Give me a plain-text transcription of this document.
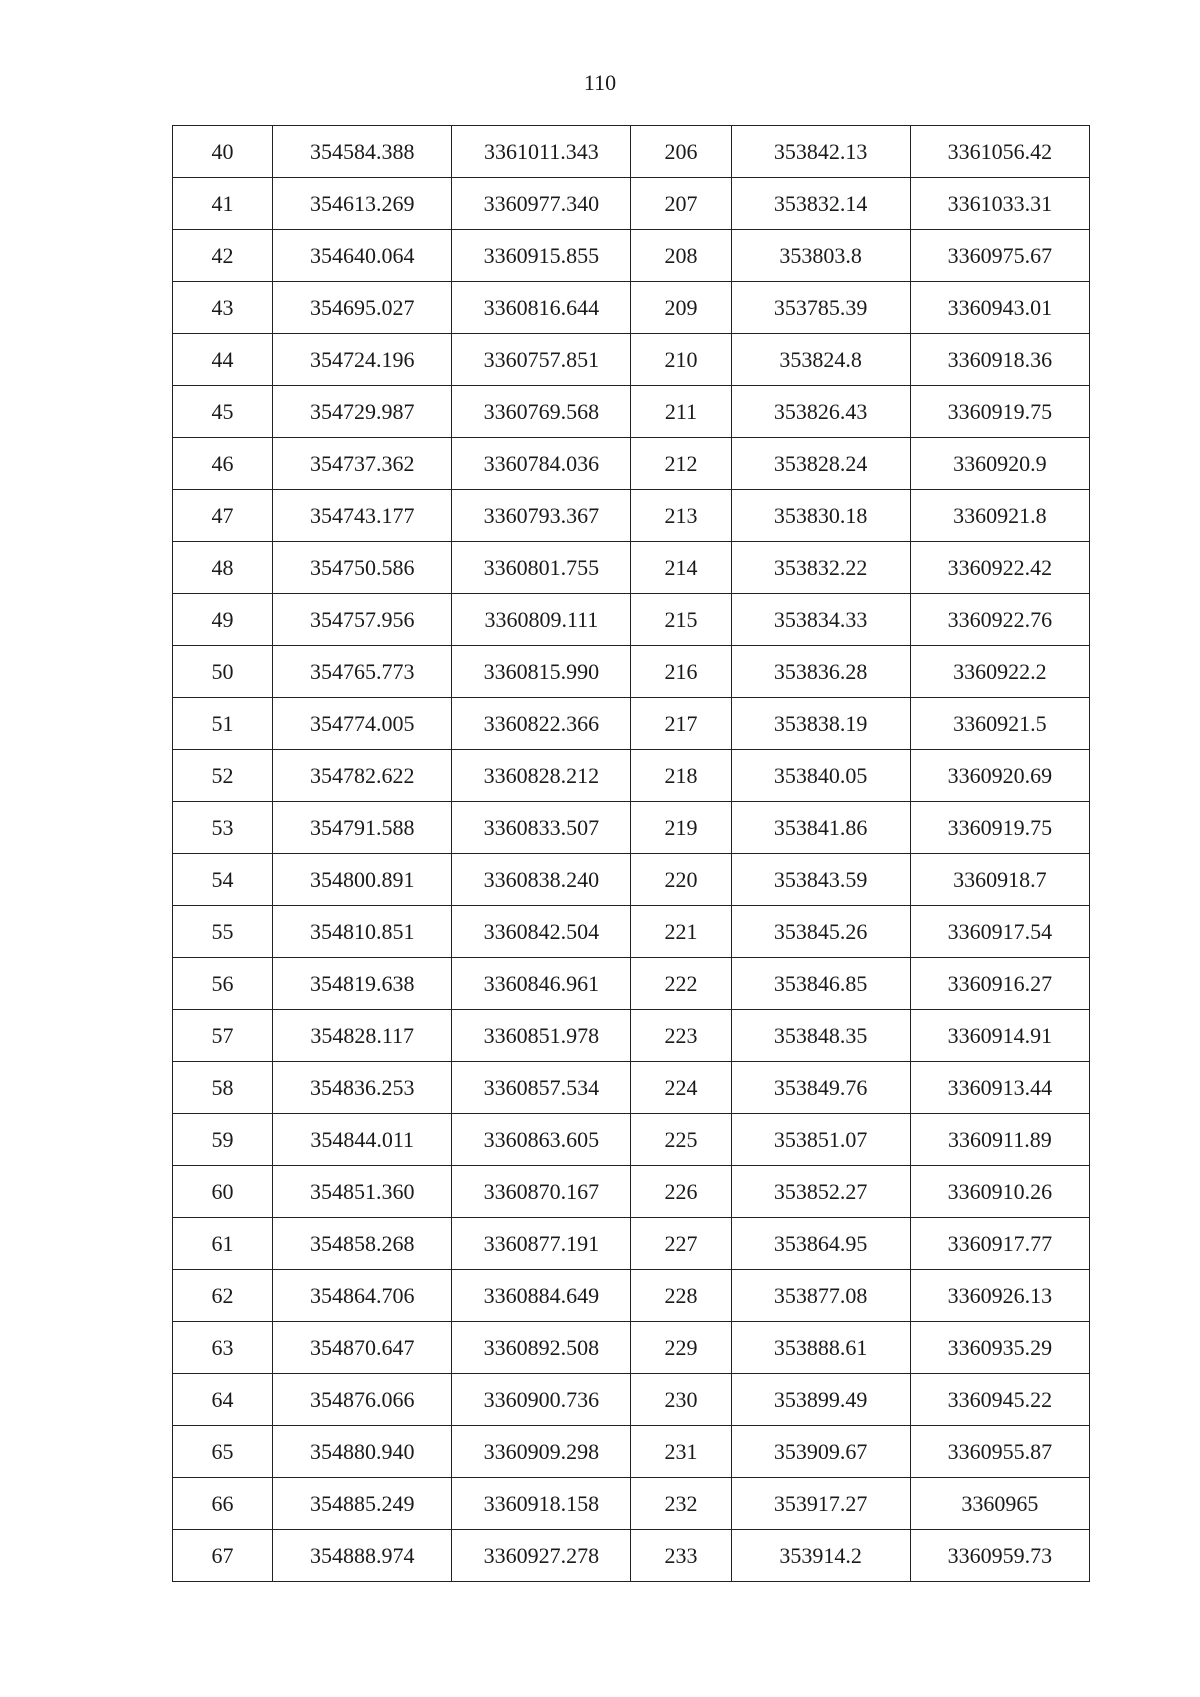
110
40	354584.388	3361011.343	206	353842.13	3361056.42
41	354613.269	3360977.340	207	353832.14	3361033.31
42	354640.064	3360915.855	208	353803.8	3360975.67
43	354695.027	3360816.644	209	353785.39	3360943.01
44	354724.196	3360757.851	210	353824.8	3360918.36
45	354729.987	3360769.568	211	353826.43	3360919.75
46	354737.362	3360784.036	212	353828.24	3360920.9
47	354743.177	3360793.367	213	353830.18	3360921.8
48	354750.586	3360801.755	214	353832.22	3360922.42
49	354757.956	3360809.111	215	353834.33	3360922.76
50	354765.773	3360815.990	216	353836.28	3360922.2
51	354774.005	3360822.366	217	353838.19	3360921.5
52	354782.622	3360828.212	218	353840.05	3360920.69
53	354791.588	3360833.507	219	353841.86	3360919.75
54	354800.891	3360838.240	220	353843.59	3360918.7
55	354810.851	3360842.504	221	353845.26	3360917.54
56	354819.638	3360846.961	222	353846.85	3360916.27
57	354828.117	3360851.978	223	353848.35	3360914.91
58	354836.253	3360857.534	224	353849.76	3360913.44
59	354844.011	3360863.605	225	353851.07	3360911.89
60	354851.360	3360870.167	226	353852.27	3360910.26
61	354858.268	3360877.191	227	353864.95	3360917.77
62	354864.706	3360884.649	228	353877.08	3360926.13
63	354870.647	3360892.508	229	353888.61	3360935.29
64	354876.066	3360900.736	230	353899.49	3360945.22
65	354880.940	3360909.298	231	353909.67	3360955.87
66	354885.249	3360918.158	232	353917.27	3360965
67	354888.974	3360927.278	233	353914.2	3360959.73
